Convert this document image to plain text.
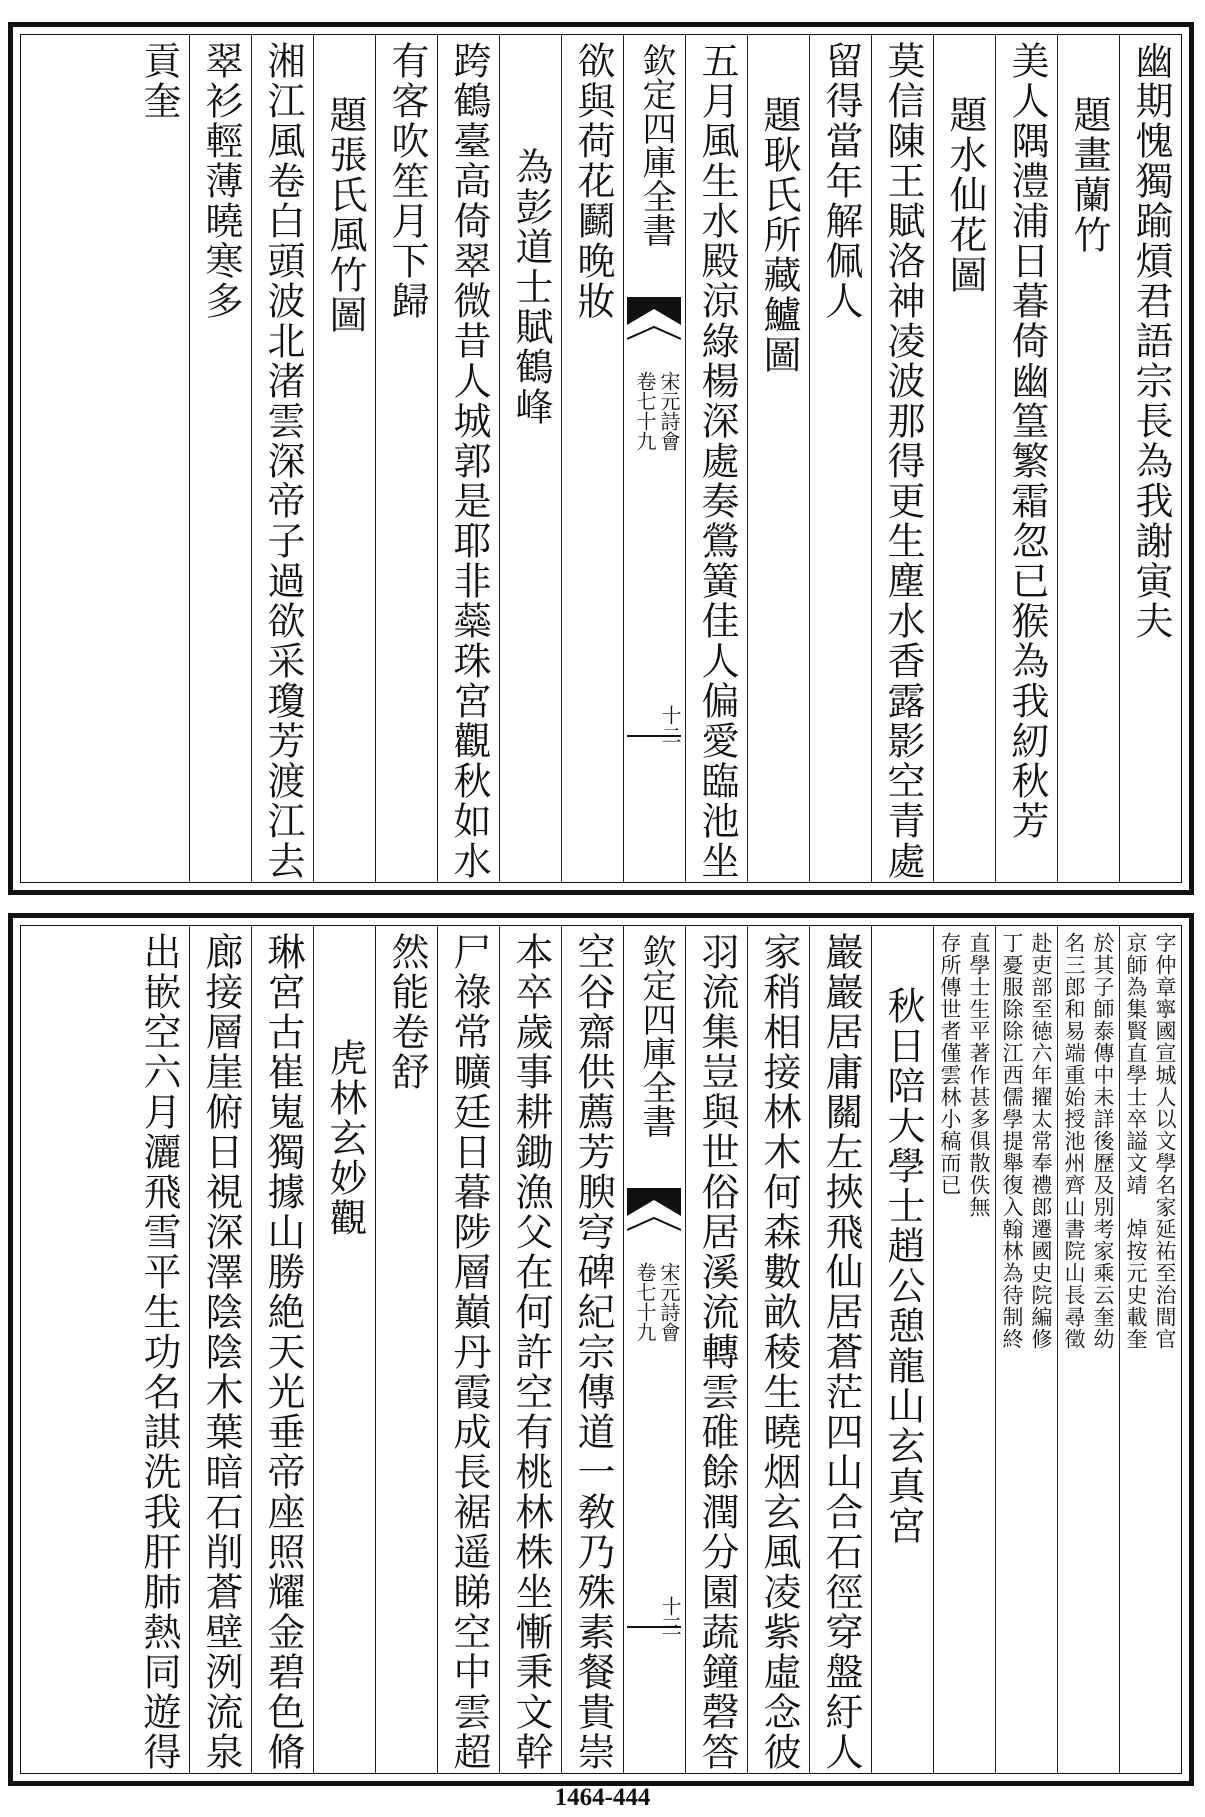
幽期愧獨踰熕君語宗長為我謝寅夫
題畫蘭竹
美人隅澧浦日暮倚幽篁繁霜忽已猴為我紉秋芳
題水仙花圖
莫信陳王賦洛神凌波那得更生塵水香露影空青處
留得當年解佩人
題耿氏所藏鱸圖
五月風生水殿涼綠楊深處奏鶯簧佳人偏愛臨池坐
欽定四庫全書
宋元詩會
卷七十九
十二
欲與荷花鬬晚妝
為彭道士賦鶴峰
跨鶴臺高倚翠微昔人城郭是耶非蘂珠宮觀秋如水
有客吹笙月下歸
題張氏風竹圖
湘江風卷白頭波北渚雲深帝子過欲采瓊芳渡江去
翠衫輕薄曉寒多
貢奎
字仲章寧國宣城人以文學名家延祐至治間官
京師為集賢直學士卒謚文靖　焯按元史載奎
於其子師泰傳中未詳後歷及別考家乘云奎幼
名三郎和易端重始授池州齊山書院山長尋徵
赴吏部至徳六年擢太常奉禮郎遷國史院編修
丁憂服除除江西儒學提舉復入翰林為待制終
直學士生平著作甚多俱散佚無
存所傳世者僅雲林小稿而已
秋日陪大學士趙公憩龍山玄真宮
巖巖居庸關左挾飛仙居蒼茫四山合石徑穿盤紆人
家稍相接林木何森數畝稜生曉烟玄風凌紫虛念彼
羽流集豈與世俗居溪流轉雲碓餘潤分園蔬鐘磬答
欽定四庫全書
宋元詩會
卷七十九
十三
空谷齋供薦芳腴穹碑紀宗傳道一敎乃殊素餐貴崇
本卒歲事耕鋤漁父在何許空有桃林株坐慚秉文幹
尸祿常曠廷日暮陟層巔丹霞成長裾遥睇空中雲超
然能卷舒
虎林玄妙觀
琳宮古崔嵬獨據山勝絶天光垂帝座照耀金碧色脩
廊接層崖俯日視深澤陰陰木葉暗石削蒼壁洌流泉
出嵌空六月灑飛雪平生功名諆洗我肝肺熱同遊得
1464-444
